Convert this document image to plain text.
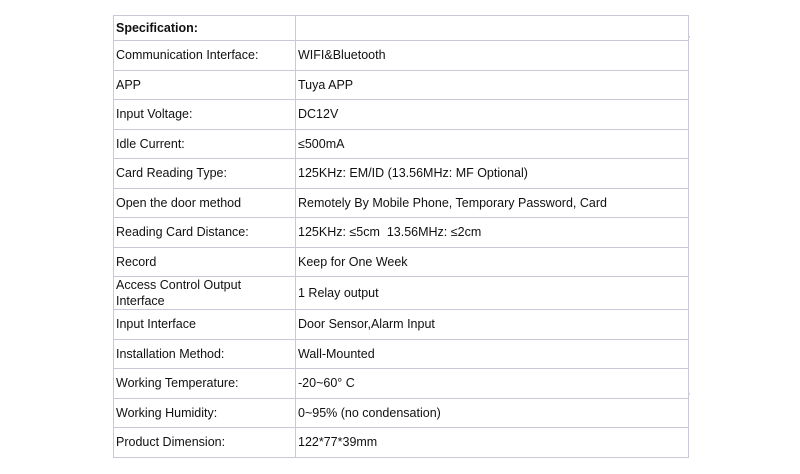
Specification:	
Communication Interface:	WIFI&Bluetooth
APP	Tuya APP
Input Voltage:	DC12V
Idle Current:	≤500mA
Card Reading Type:	125KHz: EM/ID (13.56MHz: MF Optional)
Open the door method	Remotely By Mobile Phone, Temporary Password, Card
Reading Card Distance:	125KHz: ≤5cm  13.56MHz: ≤2cm
Record	Keep for One Week
Access Control Output Interface	1 Relay output
Input Interface	Door Sensor,Alarm Input
Installation Method:	Wall-Mounted
Working Temperature:	-20~60° C
Working Humidity:	0~95% (no condensation)
Product Dimension:	122*77*39mm
